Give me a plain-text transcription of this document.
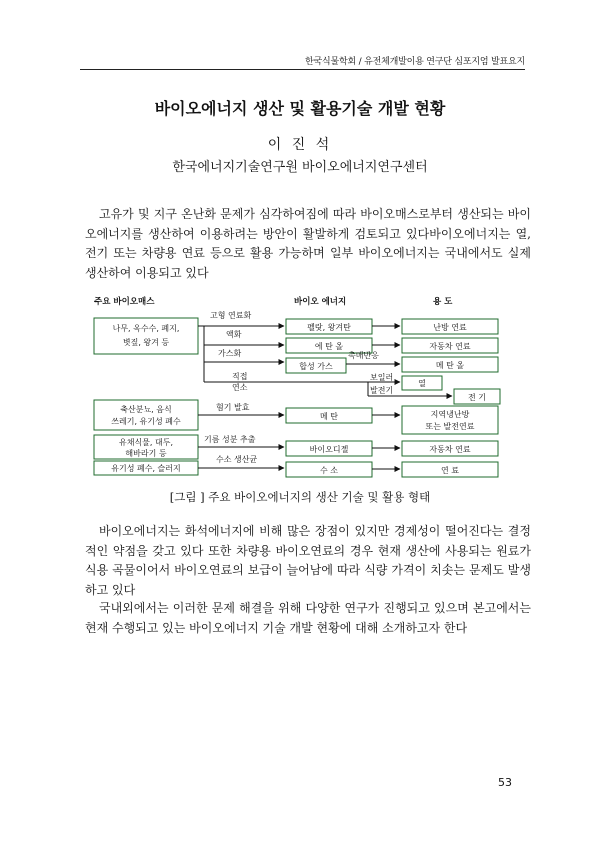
한국식물학회 / 유전체개발이용 연구단 심포지엄 발표요지
바이오에너지 생산 및 활용기술 개발 현황
이 진 석
한국에너지기술연구원 바이오에너지연구센터

고유가 및 지구 온난화 문제가 심각하여짐에 따라 바이오매스로부터 생산되는 바이오에너지를 생산하여 이용하려는 방안이 활발하게 검토되고 있다바이오에너지는 열, 전기 또는 차량용 연료 등으로 활용 가능하며 일부 바이오에너지는 국내에서도 실제 생산하여 이용되고 있다

주요 바이오매스	바이오 에너지	용 도
나무, 옥수수, 폐지,
볏짚, 왕겨 등
축산분뇨, 음식
쓰레기, 유기성 폐수
유채식물, 대두,
해바라기 등
유기성 폐수, 슬러지
펠랏, 왕겨탄
에 탄 올
합성 가스
메 탄
바이오디젤
수 소
난방 연료
자동차 연료
메 탄 올
열
전 기
지역냉난방
또는 발전연료
자동차 연료
연 료
고형 연료화
액화
가스화
직접
연소
촉매반응
보일러
발전기
혐기 발효
기름 성분 추출
수소 생산균
[그림 ] 주요 바이오에너지의 생산 기술 및 활용 형태

바이오에너지는 화석에너지에 비해 많은 장점이 있지만 경제성이 떨어진다는 결정적인 약점을 갖고 있다 또한 차량용 바이오연료의 경우 현재 생산에 사용되는 원료가 식용 곡물이어서 바이오연료의 보급이 늘어남에 따라 식량 가격이 치솟는 문제도 발생하고 있다

국내외에서는 이러한 문제 해결을 위해 다양한 연구가 진행되고 있으며 본고에서는 현재 수행되고 있는 바이오에너지 기술 개발 현황에 대해 소개하고자 한다

53
